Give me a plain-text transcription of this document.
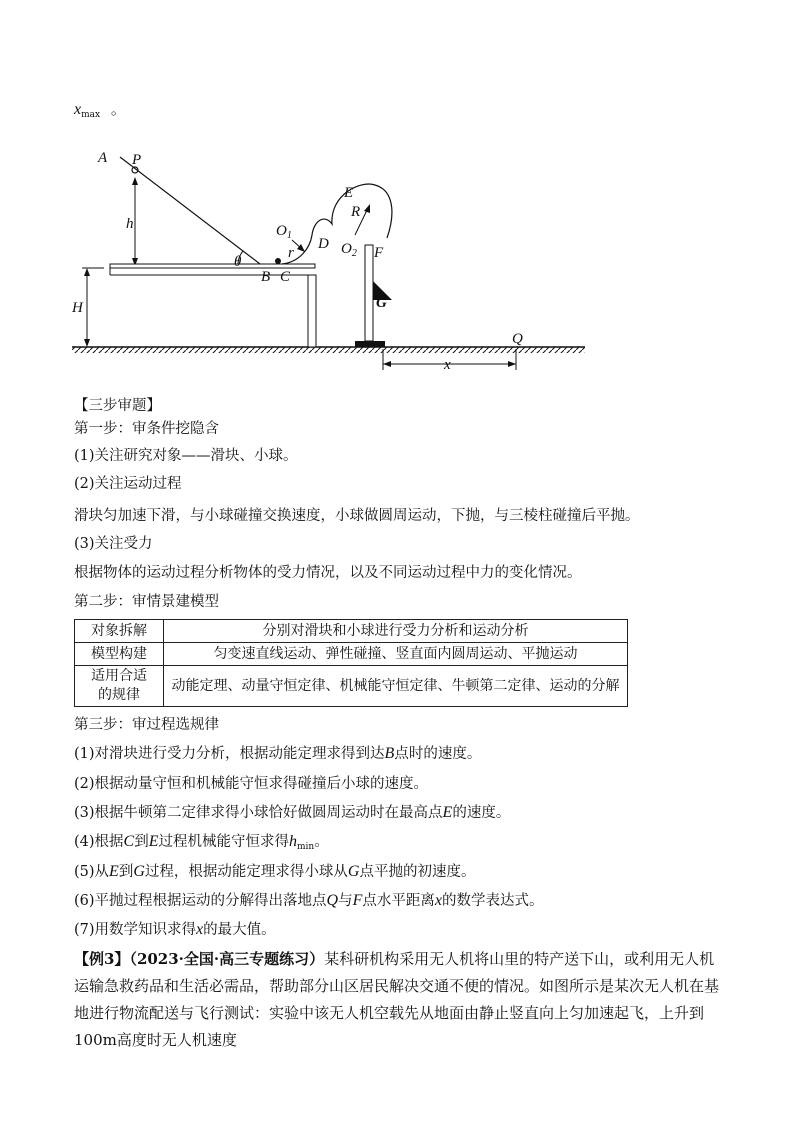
$x_{max}$ 。
A P
h
θ
H
B C
r
$O_1$
D
E
R
$O_2$ F
G
Q
x
【三步审题】
第一步：审条件挖隐含
(1)关注研究对象——滑块、小球。
(2)关注运动过程
滑块匀加速下滑，与小球碰撞交换速度，小球做圆周运动，下抛，与三棱柱碰撞后平抛。
(3)关注受力
根据物体的运动过程分析物体的受力情况，以及不同运动过程中力的变化情况。
第二步：审情景建模型
对象拆解	分别对滑块和小球进行受力分析和运动分析
模型构建	匀变速直线运动、弹性碰撞、竖直面内圆周运动、平抛运动
适用合适
的规律	动能定理、动量守恒定律、机械能守恒定律、牛顿第二定律、运动的分解
第三步：审过程选规律
(1)对滑块进行受力分析，根据动能定理求得到达B点时的速度。
(2)根据动量守恒和机械能守恒求得碰撞后小球的速度。
(3)根据牛顿第二定律求得小球恰好做圆周运动时在最高点E的速度。
(4)根据C到E过程机械能守恒求得$h_{min}$。
(5)从E到G过程，根据动能定理求得小球从G点平抛的初速度。
(6)平抛过程根据运动的分解得出落地点Q与F点水平距离x的数学表达式。
(7)用数学知识求得x的最大值。
【例3】（2023·全国·高三专题练习）某科研机构采用无人机将山里的特产送下山，或利用无人机运输急救药品和生活必需品，帮助部分山区居民解决交通不便的情况。如图所示是某次无人机在基地进行物流配送与飞行测试：实验中该无人机空载先从地面由静止竖直向上匀加速起飞，上升到100m高度时无人机速度
